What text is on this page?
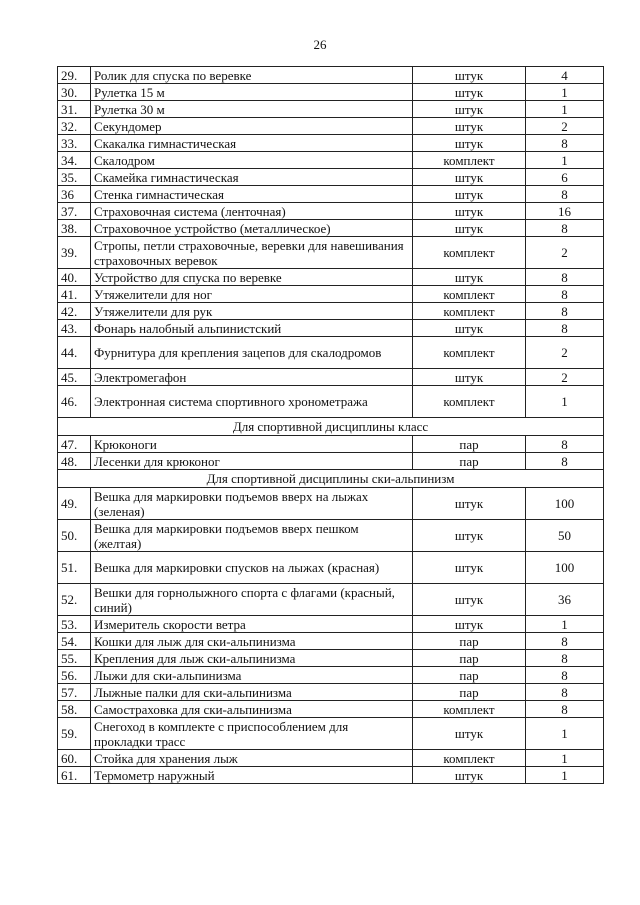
26
29.	Ролик для спуска по веревке	штук	4
30.	Рулетка 15 м	штук	1
31.	Рулетка 30 м	штук	1
32.	Секундомер	штук	2
33.	Скакалка гимнастическая	штук	8
34.	Скалодром	комплект	1
35.	Скамейка гимнастическая	штук	6
36	Стенка гимнастическая	штук	8
37.	Страховочная система (ленточная)	штук	16
38.	Страховочное устройство (металлическое)	штук	8
39.	Стропы, петли страховочные, веревки для навешивания страховочных веревок	комплект	2
40.	Устройство для спуска по веревке	штук	8
41.	Утяжелители для ног	комплект	8
42.	Утяжелители для рук	комплект	8
43.	Фонарь налобный альпинистский	штук	8
44.	Фурнитура для крепления зацепов для скалодромов	комплект	2
45.	Электромегафон	штук	2
46.	Электронная система спортивного хронометража	комплект	1
Для спортивной дисциплины класс			
47.	Крюконоги	пар	8
48.	Лесенки для крюконог	пар	8
Для спортивной дисциплины ски-альпинизм			
49.	Вешка для маркировки подъемов вверх на лыжах (зеленая)	штук	100
50.	Вешка для маркировки подъемов вверх пешком (желтая)	штук	50
51.	Вешка для маркировки спусков на лыжах (красная)	штук	100
52.	Вешки для горнолыжного спорта с флагами (красный, синий)	штук	36
53.	Измеритель скорости ветра	штук	1
54.	Кошки для лыж для ски-альпинизма	пар	8
55.	Крепления для лыж ски-альпинизма	пар	8
56.	Лыжи для ски-альпинизма	пар	8
57.	Лыжные палки для ски-альпинизма	пар	8
58.	Самостраховка для ски-альпинизма	комплект	8
59.	Снегоход в комплекте с приспособлением для прокладки трасс	штук	1
60.	Стойка для хранения лыж	комплект	1
61.	Термометр наружный	штук	1
